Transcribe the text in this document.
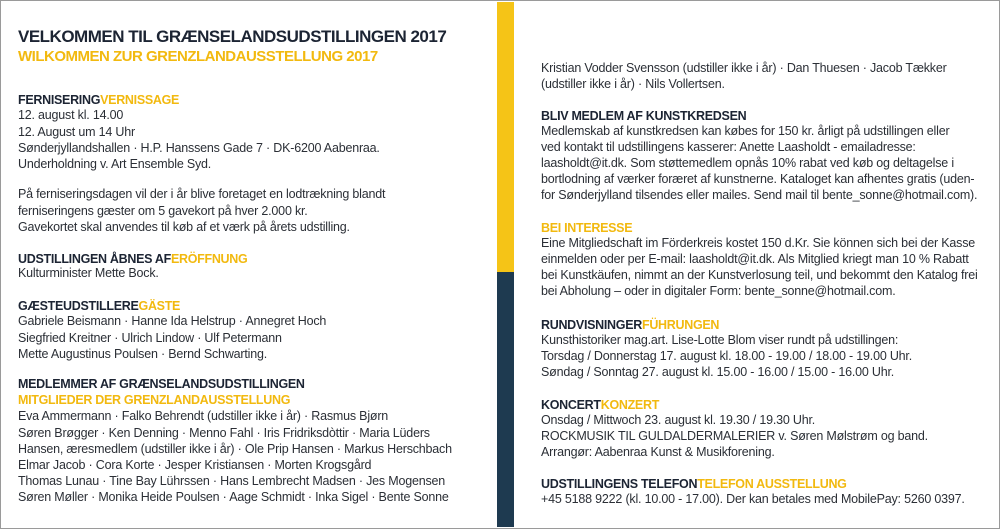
VELKOMMEN TIL GRÆNSELANDSUDSTILLINGEN 2017
WILKOMMEN ZUR GRENZLANDAUSSTELLUNG 2017
FERNISERINGVERNISSAGE
12. august kl. 14.00
12. August um 14 Uhr
Sønderjyllandshallen · H.P. Hanssens Gade 7 · DK-6200 Aabenraa.
Underholdning v. Art Ensemble Syd.
På ferniseringsdagen vil der i år blive foretaget en lodtrækning blandt
ferniseringens gæster om 5 gavekort på hver 2.000 kr.
Gavekortet skal anvendes til køb af et værk på årets udstilling.
UDSTILLINGEN ÅBNES AFERÖFFNUNG
Kulturminister Mette Bock.
GÆSTEUDSTILLEREGÄSTE
Gabriele Beismann · Hanne Ida Helstrup · Annegret Hoch
Siegfried Kreitner · Ulrich Lindow · Ulf Petermann
Mette Augustinus Poulsen · Bernd Schwarting.
MEDLEMMER AF GRÆNSELANDSUDSTILLINGEN
MITGLIEDER DER GRENZLANDAUSSTELLUNG
Eva Ammermann · Falko Behrendt (udstiller ikke i år) · Rasmus Bjørn
Søren Brøgger · Ken Denning · Menno Fahl · Iris Fridriksdòttir · Maria Lüders
Hansen, æresmedlem (udstiller ikke i år) · Ole Prip Hansen · Markus Herschbach
Elmar Jacob · Cora Korte · Jesper Kristiansen · Morten Krogsgård
Thomas Lunau · Tine Bay Lührssen · Hans Lembrecht Madsen · Jes Mogensen
Søren Møller · Monika Heide Poulsen · Aage Schmidt · Inka Sigel · Bente Sonne
Kristian Vodder Svensson (udstiller ikke i år) · Dan Thuesen · Jacob Tækker
(udstiller ikke i år) · Nils Vollertsen.
BLIV MEDLEM AF KUNSTKREDSEN
Medlemskab af kunstkredsen kan købes for 150 kr. årligt på udstillingen eller
ved kontakt til udstillingens kasserer: Anette Laasholdt - emailadresse:
laasholdt@it.dk. Som støttemedlem opnås 10% rabat ved køb og deltagelse i
bortlodning af værker foræret af kunstnerne. Kataloget kan afhentes gratis (uden-
for Sønderjylland tilsendes eller mailes. Send mail til bente_sonne@hotmail.com).
BEI INTERESSE
Eine Mitgliedschaft im Förderkreis kostet 150 d.Kr. Sie können sich bei der Kasse
einmelden oder per E-mail: laasholdt@it.dk. Als Mitglied kriegt man 10 % Rabatt
bei Kunstkäufen, nimmt an der Kunstverlosung teil, und bekommt den Katalog frei
bei Abholung – oder in digitaler Form: bente_sonne@hotmail.com.
RUNDVISNINGERFÜHRUNGEN
Kunsthistoriker mag.art. Lise-Lotte Blom viser rundt på udstillingen:
Torsdag / Donnerstag 17. august kl. 18.00 - 19.00 / 18.00 - 19.00 Uhr.
Søndag / Sonntag 27. august kl. 15.00 - 16.00 / 15.00 - 16.00 Uhr.
KONCERTKONZERT
Onsdag / Mittwoch 23. august kl. 19.30 / 19.30 Uhr.
ROCKMUSIK TIL GULDALDERMALERIER v. Søren Mølstrøm og band.
Arrangør: Aabenraa Kunst & Musikforening.
UDSTILLINGENS TELEFONTELEFON AUSSTELLUNG
+45 5188 9222 (kl. 10.00 - 17.00). Der kan betales med MobilePay: 5260 0397.
